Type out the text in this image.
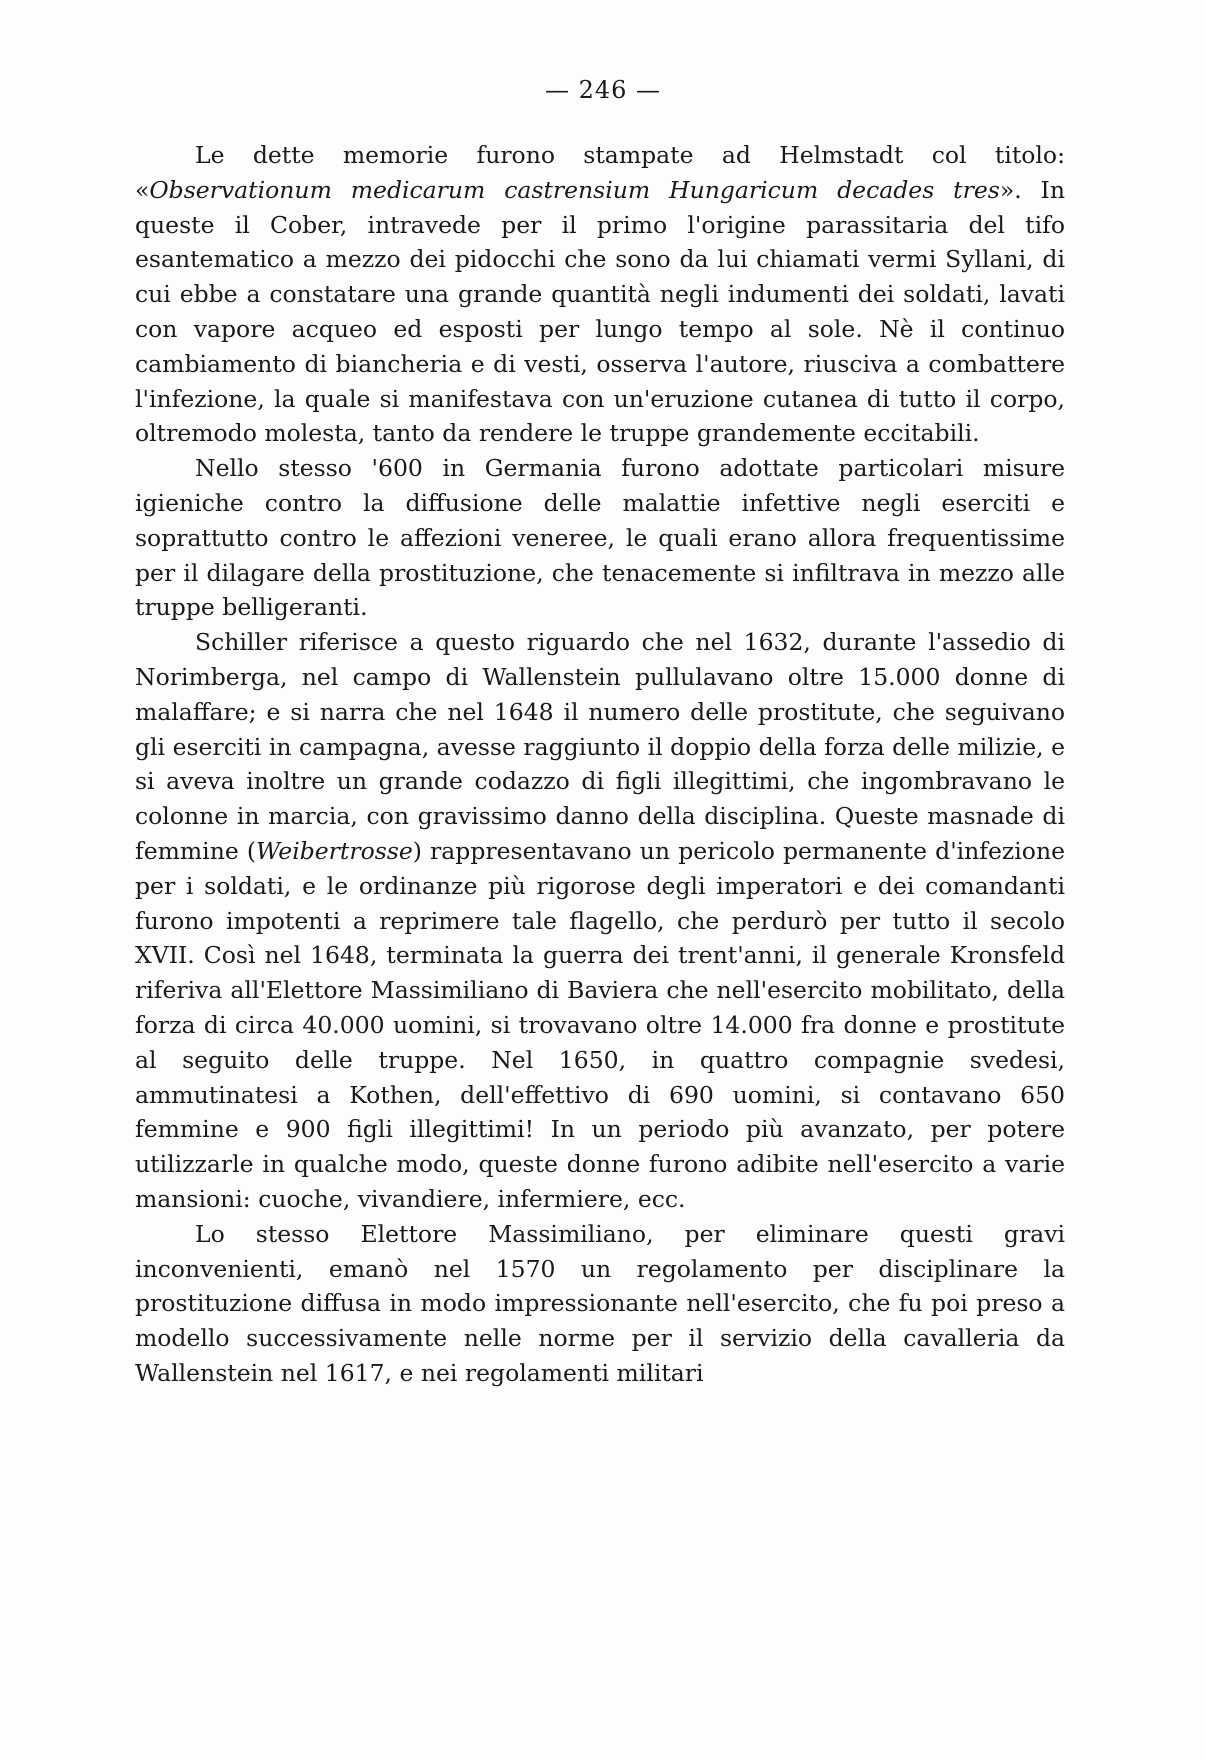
— 246 —

Le dette memorie furono stampate ad Helmstadt col titolo: «Observationum medicarum castrensium Hungaricum decades tres». In queste il Cober, intravede per il primo l'origine parassitaria del tifo esantematico a mezzo dei pidocchi che sono da lui chiamati vermi Syllani, di cui ebbe a constatare una grande quantità negli indumenti dei soldati, lavati con vapore acqueo ed esposti per lungo tempo al sole. Nè il continuo cambiamento di biancheria e di vesti, osserva l'autore, riusciva a combattere l'infezione, la quale si manifestava con un'eruzione cutanea di tutto il corpo, oltremodo molesta, tanto da rendere le truppe grandemente eccitabili.

Nello stesso '600 in Germania furono adottate particolari misure igieniche contro la diffusione delle malattie infettive negli eserciti e soprattutto contro le affezioni veneree, le quali erano allora frequentissime per il dilagare della prostituzione, che tenacemente si infiltrava in mezzo alle truppe belligeranti.

Schiller riferisce a questo riguardo che nel 1632, durante l'assedio di Norimberga, nel campo di Wallenstein pullulavano oltre 15.000 donne di malaffare; e si narra che nel 1648 il numero delle prostitute, che seguivano gli eserciti in campagna, avesse raggiunto il doppio della forza delle milizie, e si aveva inoltre un grande codazzo di figli illegittimi, che ingombravano le colonne in marcia, con gravissimo danno della disciplina. Queste masnade di femmine (Weibertrosse) rappresentavano un pericolo permanente d'infezione per i soldati, e le ordinanze più rigorose degli imperatori e dei comandanti furono impotenti a reprimere tale flagello, che perdurò per tutto il secolo XVII. Così nel 1648, terminata la guerra dei trent'anni, il generale Kronsfeld riferiva all'Elettore Massimiliano di Baviera che nell'esercito mobilitato, della forza di circa 40.000 uomini, si trovavano oltre 14.000 fra donne e prostitute al seguito delle truppe. Nel 1650, in quattro compagnie svedesi, ammutinatesi a Kothen, dell'effettivo di 690 uomini, si contavano 650 femmine e 900 figli illegittimi! In un periodo più avanzato, per potere utilizzarle in qualche modo, queste donne furono adibite nell'esercito a varie mansioni: cuoche, vivandiere, infermiere, ecc.

Lo stesso Elettore Massimiliano, per eliminare questi gravi inconvenienti, emanò nel 1570 un regolamento per disciplinare la prostituzione diffusa in modo impressionante nell'esercito, che fu poi preso a modello successivamente nelle norme per il servizio della cavalleria da Wallenstein nel 1617, e nei regolamenti militari
